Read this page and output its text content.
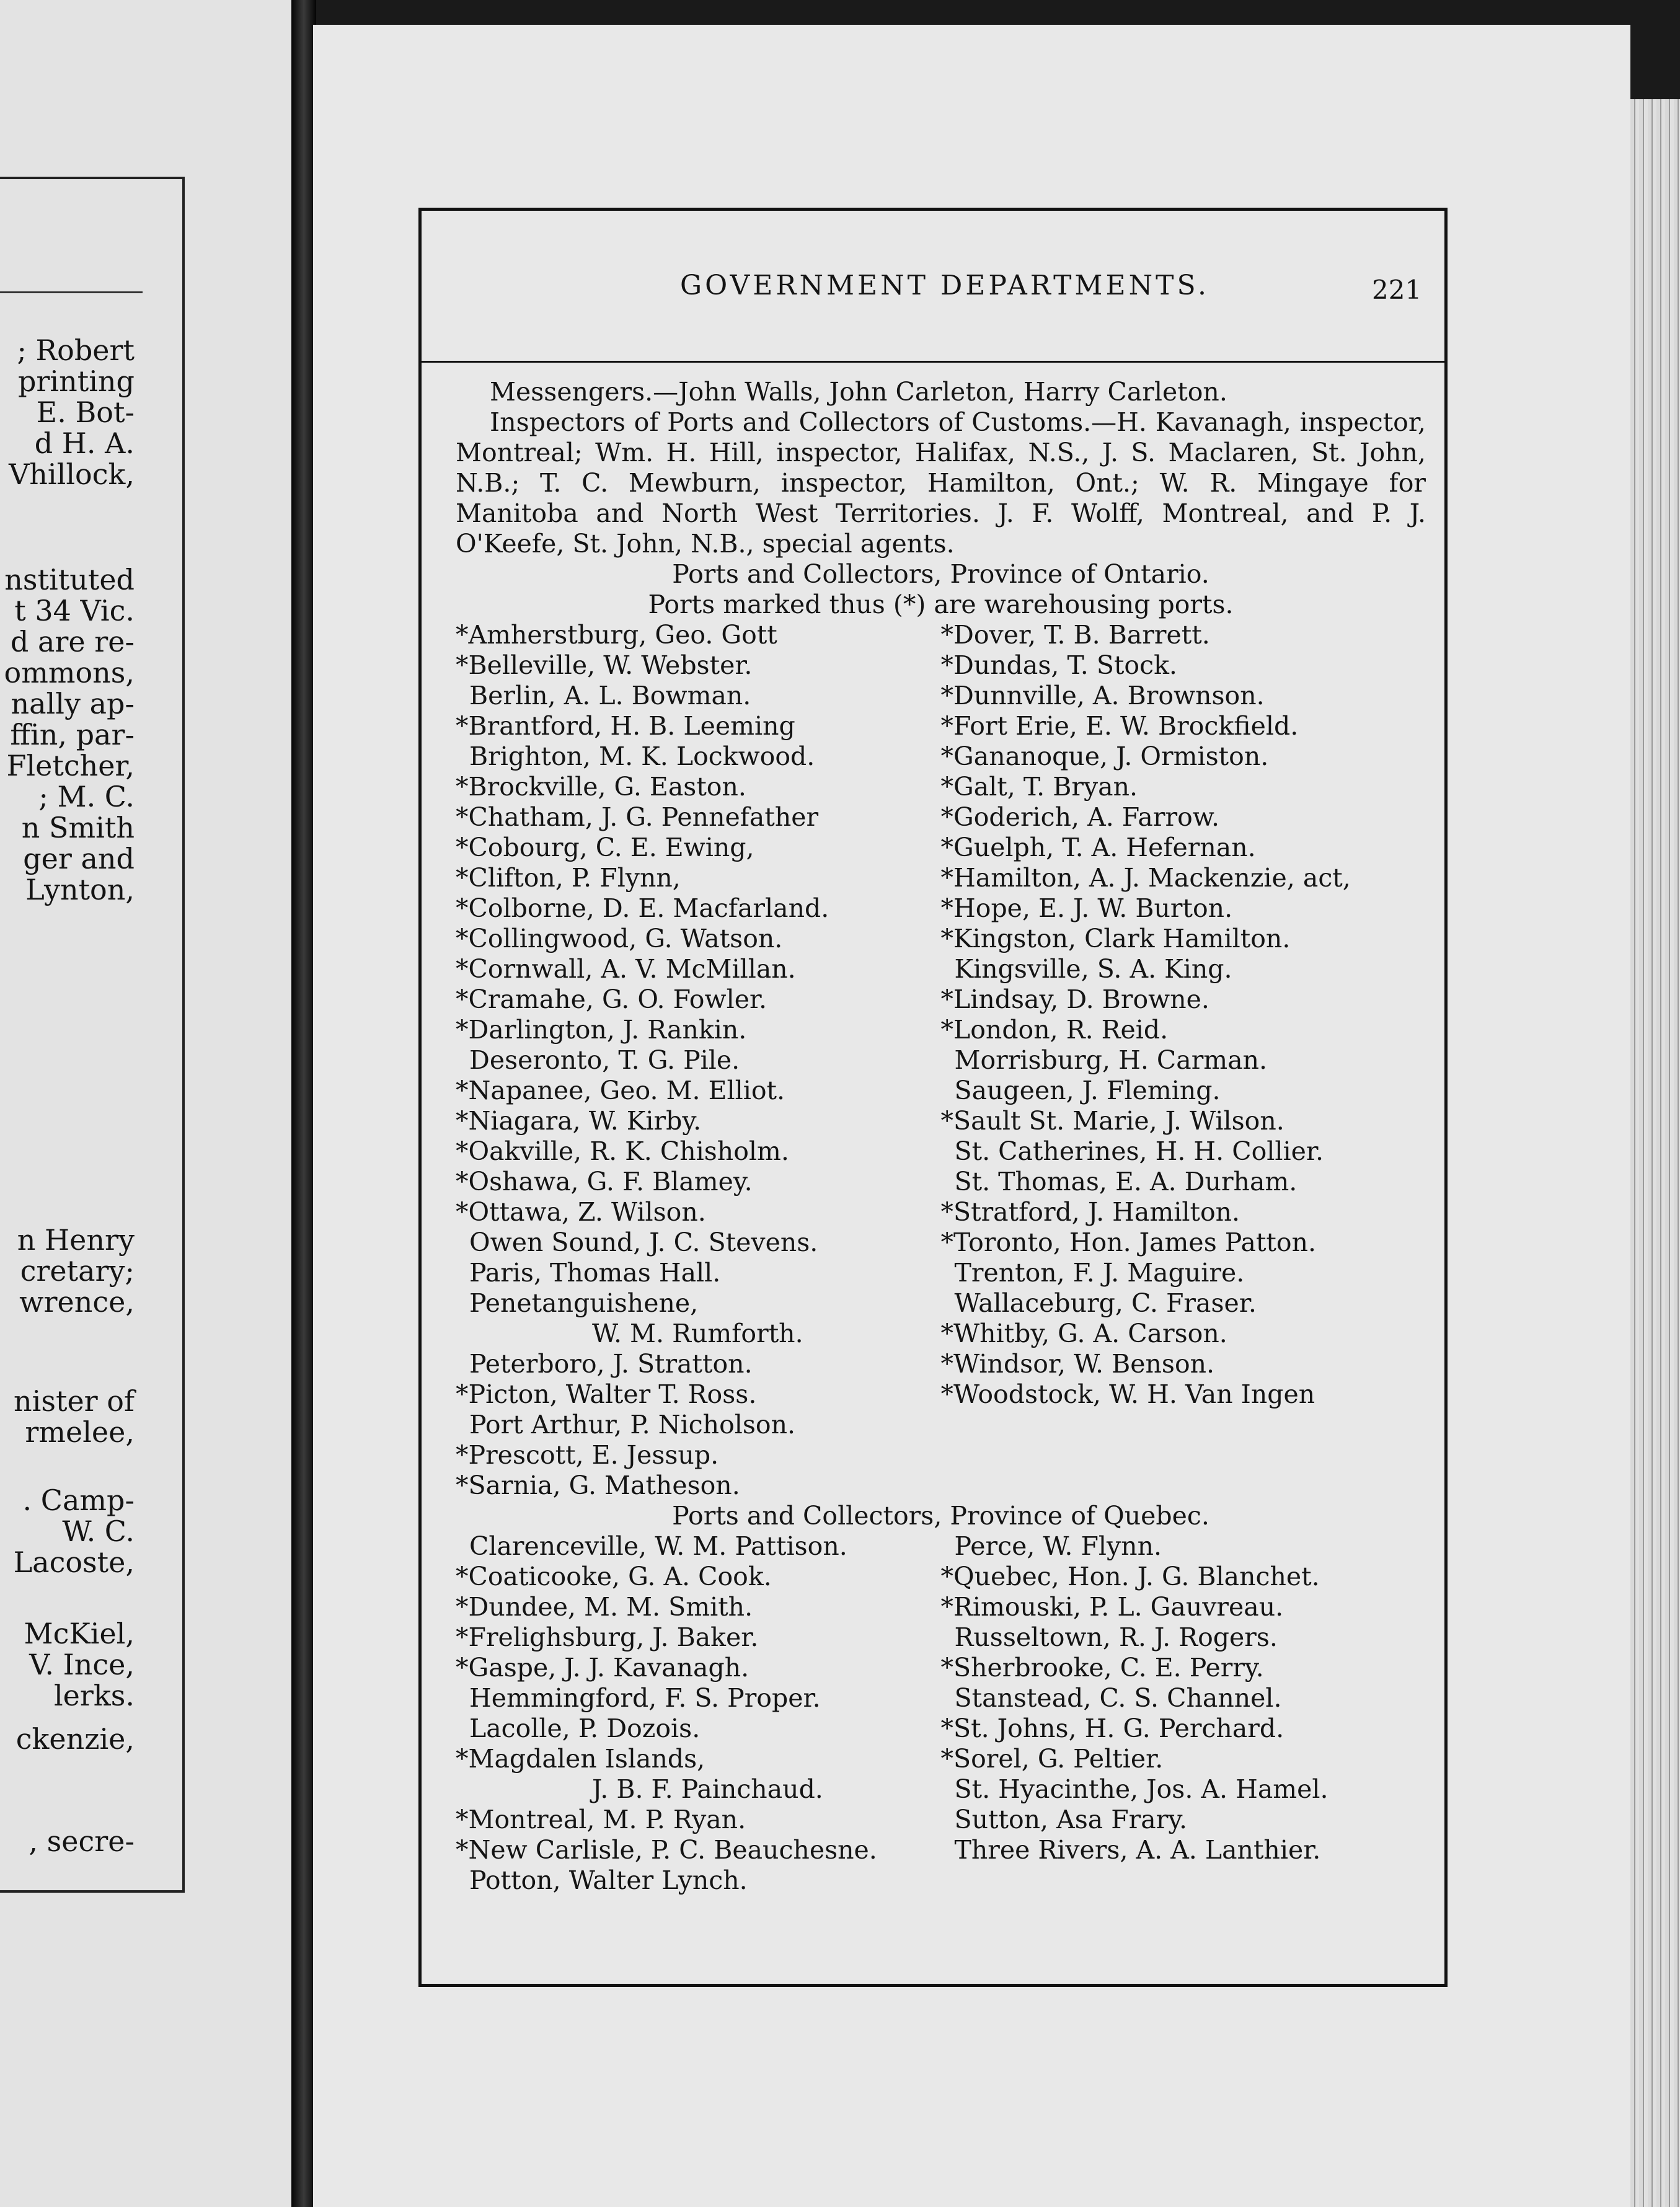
; Robert
printing
E. Bot-
d H. A.
Vhillock,
nstituted
t 34 Vic.
d are re-
ommons,
nally ap-
ffin, par-
Fletcher,
; M. C.
n Smith
ger and
Lynton,
n Henry
cretary;
wrence,
nister of
rmelee,
. Camp-
W. C.
Lacoste,
McKiel,
V. Ince,
lerks.
ckenzie,
, secre-
GOVERNMENT DEPARTMENTS.	221

Messengers.—John Walls, John Carleton, Harry Carleton.

Inspectors of Ports and Collectors of Customs.—H. Kavanagh, inspector, Montreal; Wm. H. Hill, inspector, Halifax, N.S., J. S. Maclaren, St. John, N.B.; T. C. Mewburn, inspector, Hamilton, Ont.; W. R. Mingaye for Manitoba and North West Territories. J. F. Wolff, Montreal, and P. J. O'Keefe, St. John, N.B., special agents.

Ports and Collectors, Province of Ontario.

Ports marked thus (*) are warehousing ports.

*Amherstburg, Geo. Gott
*Belleville, W. Webster.
Berlin, A. L. Bowman.
*Brantford, H. B. Leeming
Brighton, M. K. Lockwood.
*Brockville, G. Easton.
*Chatham, J. G. Pennefather
*Cobourg, C. E. Ewing,
*Clifton, P. Flynn,
*Colborne, D. E. Macfarland.
*Collingwood, G. Watson.
*Cornwall, A. V. McMillan.
*Cramahe, G. O. Fowler.
*Darlington, J. Rankin.
Deseronto, T. G. Pile.
*Napanee, Geo. M. Elliot.
*Niagara, W. Kirby.
*Oakville, R. K. Chisholm.
*Oshawa, G. F. Blamey.
*Ottawa, Z. Wilson.
Owen Sound, J. C. Stevens.
Paris, Thomas Hall.
Penetanguishene,
W. M. Rumforth.
Peterboro, J. Stratton.
*Picton, Walter T. Ross.
Port Arthur, P. Nicholson.
*Prescott, E. Jessup.
*Sarnia, G. Matheson.
*Dover, T. B. Barrett.
*Dundas, T. Stock.
*Dunnville, A. Brownson.
*Fort Erie, E. W. Brockfield.
*Gananoque, J. Ormiston.
*Galt, T. Bryan.
*Goderich, A. Farrow.
*Guelph, T. A. Hefernan.
*Hamilton, A. J. Mackenzie, act,
*Hope, E. J. W. Burton.
*Kingston, Clark Hamilton.
Kingsville, S. A. King.
*Lindsay, D. Browne.
*London, R. Reid.
Morrisburg, H. Carman.
Saugeen, J. Fleming.
*Sault St. Marie, J. Wilson.
St. Catherines, H. H. Collier.
St. Thomas, E. A. Durham.
*Stratford, J. Hamilton.
*Toronto, Hon. James Patton.
Trenton, F. J. Maguire.
Wallaceburg, C. Fraser.
*Whitby, G. A. Carson.
*Windsor, W. Benson.
*Woodstock, W. H. Van Ingen

Ports and Collectors, Province of Quebec.

Clarenceville, W. M. Pattison.
*Coaticooke, G. A. Cook.
*Dundee, M. M. Smith.
*Frelighsburg, J. Baker.
*Gaspe, J. J. Kavanagh.
Hemmingford, F. S. Proper.
Lacolle, P. Dozois.
*Magdalen Islands,
J. B. F. Painchaud.
*Montreal, M. P. Ryan.
*New Carlisle, P. C. Beauchesne.
Potton, Walter Lynch.
Perce, W. Flynn.
*Quebec, Hon. J. G. Blanchet.
*Rimouski, P. L. Gauvreau.
Russeltown, R. J. Rogers.
*Sherbrooke, C. E. Perry.
Stanstead, C. S. Channel.
*St. Johns, H. G. Perchard.
*Sorel, G. Peltier.
St. Hyacinthe, Jos. A. Hamel.
Sutton, Asa Frary.
Three Rivers, A. A. Lanthier.
